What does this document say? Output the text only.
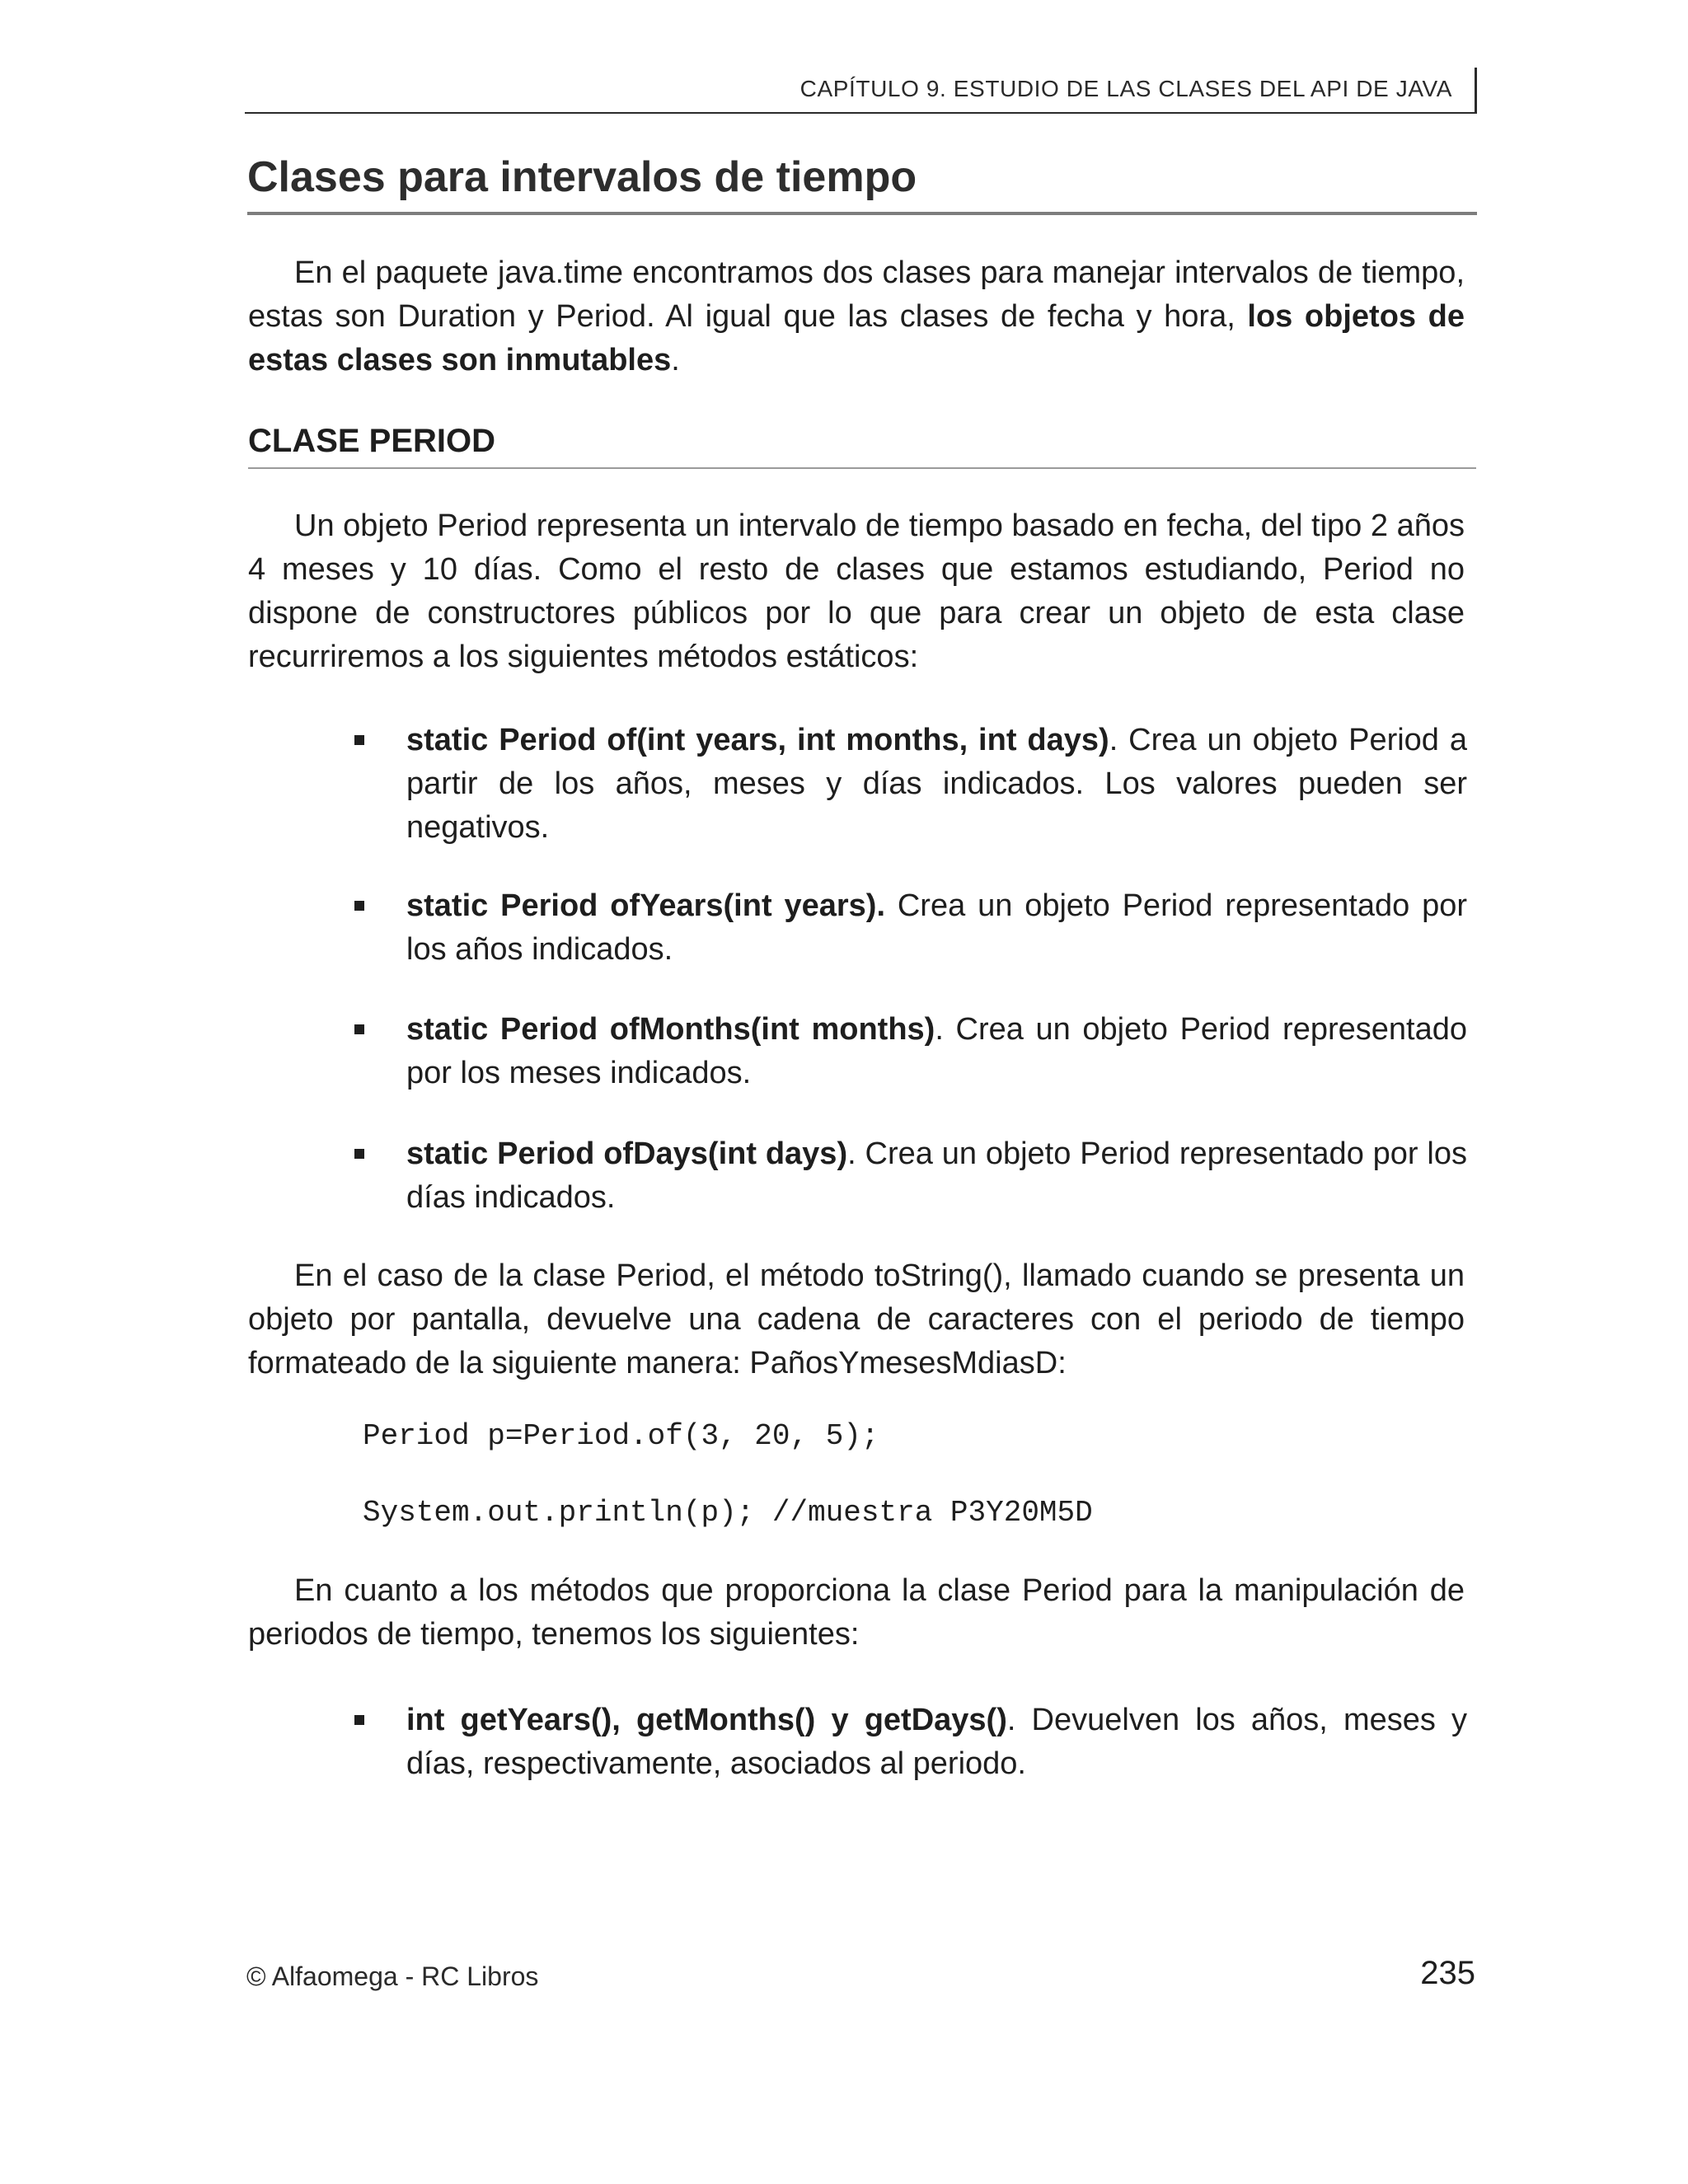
CAPÍTULO 9. ESTUDIO DE LAS CLASES DEL API DE JAVA
Clases para intervalos de tiempo

En el paquete java.time encontramos dos clases para manejar intervalos de tiempo, estas son Duration y Period. Al igual que las clases de fecha y hora, los objetos de estas clases son inmutables.

CLASE PERIOD

Un objeto Period representa un intervalo de tiempo basado en fecha, del tipo 2 años 4 meses y 10 días. Como el resto de clases que estamos estudiando, Period no dispone de constructores públicos por lo que para crear un objeto de esta clase recurriremos a los siguientes métodos estáticos:

static Period of(int years, int months, int days). Crea un objeto Period a partir de los años, meses y días indicados. Los valores pueden ser negativos.

static Period ofYears(int years). Crea un objeto Period representado por los años indicados.

static Period ofMonths(int months). Crea un objeto Period representado por los meses indicados.

static Period ofDays(int days). Crea un objeto Period representado por los días indicados.

En el caso de la clase Period, el método toString(), llamado cuando se presenta un objeto por pantalla, devuelve una cadena de caracteres con el periodo de tiempo formateado de la siguiente manera: PañosYmesesMdiasD:

Period p=Period.of(3, 20, 5);
System.out.println(p); //muestra P3Y20M5D

En cuanto a los métodos que proporciona la clase Period para la manipulación de periodos de tiempo, tenemos los siguientes:

int getYears(), getMonths() y getDays(). Devuelven los años, meses y días, respectivamente, asociados al periodo.

© Alfaomega - RC Libros	235
